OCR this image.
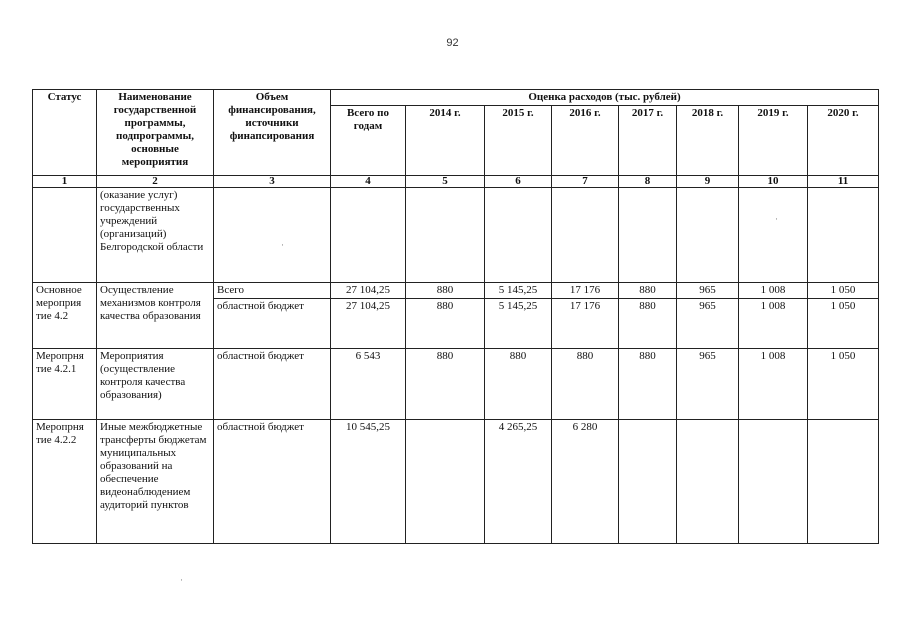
92
Статус	Наименование государственной программы, подпрограммы, основные мероприятия	Объем финансирования, источники финапсирования	Оценка расходов (тыс. рублей)							
			Всего по годам	2014 г.	2015 г.	2016 г.	2017 г.	2018 г.	2019 г.	2020 г.
1	2	3	4	5	6	7	8	9	10	11
	(оказание услуг) государственных учреждений (организаций) Белгородской области									
Основное мероприя тие 4.2	Осуществление механизмов контроля качества образования	Всего	27 104,25	880	5 145,25	17 176	880	965	1 008	1 050
		областной бюджет	27 104,25	880	5 145,25	17 176	880	965	1 008	1 050
Меропрня тие 4.2.1	Мероприятия (осуществление контроля качества образования)	областной бюджет	6 543	880	880	880	880	965	1 008	1 050
Меропрня тие 4.2.2	Иные межбюджетные трансферты бюджетам муниципальных образований на обеспечение видеонаблюдением аудиторий пунктов	областной бюджет	10 545,25		4 265,25	6 280				
·
·
·
